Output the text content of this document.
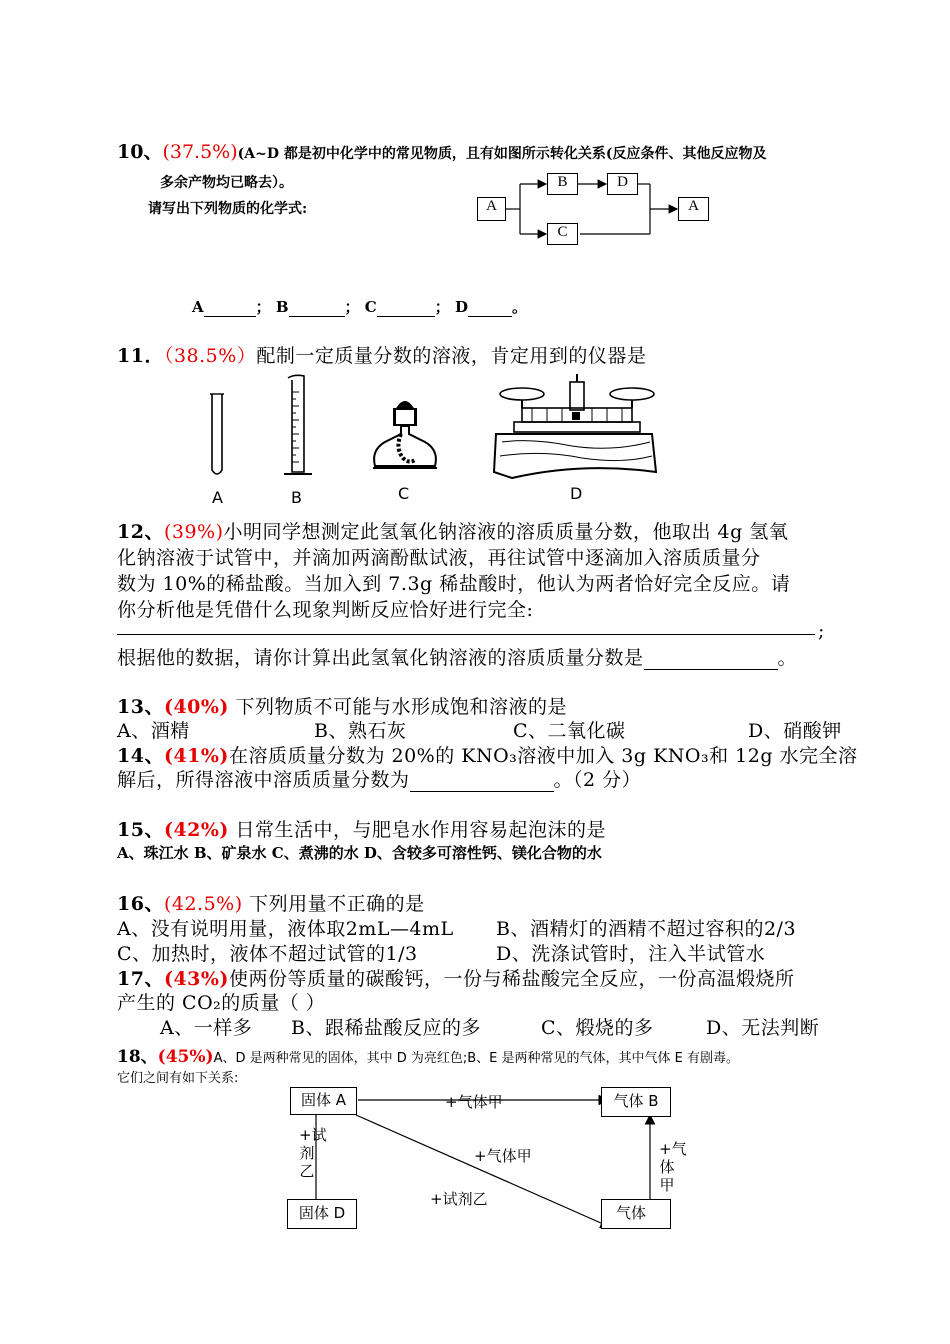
10、(37.5%)(A~D 都是初中化学中的常见物质，且有如图所示转化关系(反应条件、其他反应物及
多余产物均已略去）。
请写出下列物质的化学式:	A
B	D
C
A
A	； B	； C	； D	。
11．（38.5%）配制一定质量分数的溶液，肯定用到的仪器是
A	B	C	D
12、(39%)小明同学想测定此氢氧化钠溶液的溶质质量分数，他取出 4g 氢氧
化钠溶液于试管中，并滴加两滴酚酞试液，再往试管中逐滴加入溶质质量分
数为 10%的稀盐酸。当加入到 7.3g 稀盐酸时，他认为两者恰好完全反应。请
你分析他是凭借什么现象判断反应恰好进行完全:
;
根据他的数据，请你计算出此氢氧化钠溶液的溶质质量分数是	。
13、(40%) 下列物质不可能与水形成饱和溶液的是
A、酒精	B、熟石灰	C、二氧化碳	D、硝酸钾
14、(41%)在溶质质量分数为 20%的 KNO₃溶液中加入 3g KNO₃和 12g 水完全溶
解后，所得溶液中溶质质量分数为	。（2 分）
15、(42%) 日常生活中，与肥皂水作用容易起泡沫的是
A、珠江水 B、矿泉水 C、煮沸的水 D、含较多可溶性钙、镁化合物的水
16、(42.5%) 下列用量不正确的是
A、没有说明用量，液体取2mL—4mL B、酒精灯的酒精不超过容积的2/3
C、加热时，液体不超过试管的1/3	D、洗涤试管时，注入半试管水
17、(43%)使两份等质量的碳酸钙，一份与稀盐酸完全反应，一份高温煅烧所
产生的 CO₂的质量（ ）
A、一样多 B、跟稀盐酸反应的多	C、煅烧的多	D、无法判断
18、(45%)A、D 是两种常见的固体，其中 D 为亮红色;B、E 是两种常见的气体，其中气体 E 有剧毒。
它们之间有如下关系:
固体 A	气体 B
固体 D	气体
+气体甲
+气体甲
+试剂乙
+试剂乙
+气体甲
